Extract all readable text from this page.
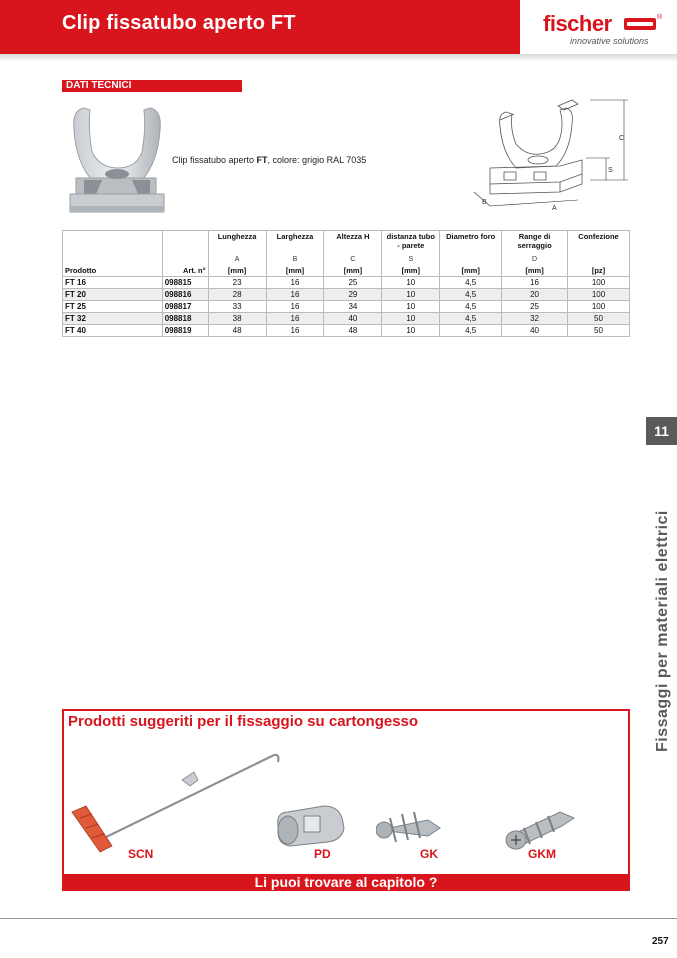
Clip fissatubo aperto FT	fischer	®
innovative solutions
DATI TECNICI
Clip fissatubo aperto FT, colore: grigio RAL 7035
C
S
A
B
		Lunghezza	Larghezza	Altezza H	distanza tubo - parete	Diametro foro	Range di serraggio	Confezione
		A	B	C	S		D	
Prodotto	Art. n°	[mm]	[mm]	[mm]	[mm]	[mm]	[mm]	[pz]
FT 16	098815	23	16	25	10	4,5	16	100
FT 20	098816	28	16	29	10	4,5	20	100
FT 25	098817	33	16	34	10	4,5	25	100
FT 32	098818	38	16	40	10	4,5	32	50
FT 40	098819	48	16	48	10	4,5	40	50
11
Fissaggi per materiali elettrici
Prodotti suggeriti per il fissaggio su cartongesso
SCN	PD	GK	GKM
Li puoi trovare al capitolo ?
257
